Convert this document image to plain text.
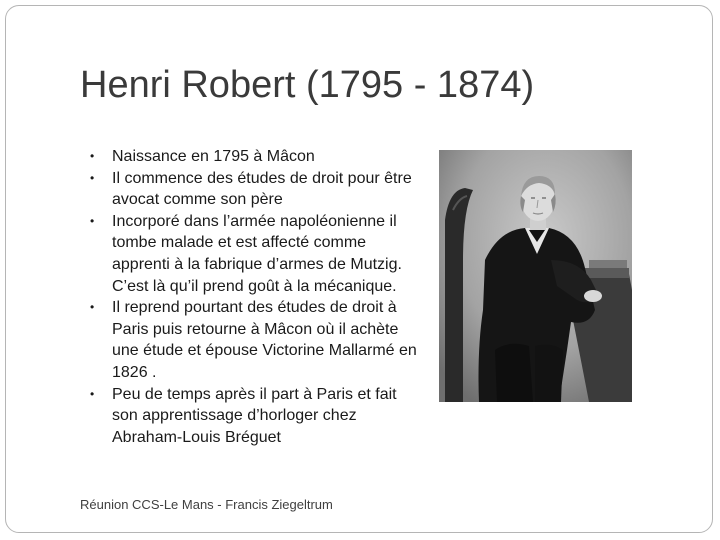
Henri Robert (1795 - 1874)
• Naissance en 1795 à Mâcon
• Il commence des études de droit pour être avocat comme son père
• Incorporé dans l’armée napoléonienne il tombe malade et est affecté comme apprenti à la fabrique d’armes de Mutzig. C’est là qu’il prend goût à la mécanique.
• Il reprend pourtant des études de droit à Paris puis retourne à Mâcon où il achète une étude et épouse Victorine Mallarmé en 1826 .
• Peu de temps après il part à Paris et fait son apprentissage d’horloger chez Abraham-Louis Bréguet
Réunion CCS-Le Mans - Francis Ziegeltrum
